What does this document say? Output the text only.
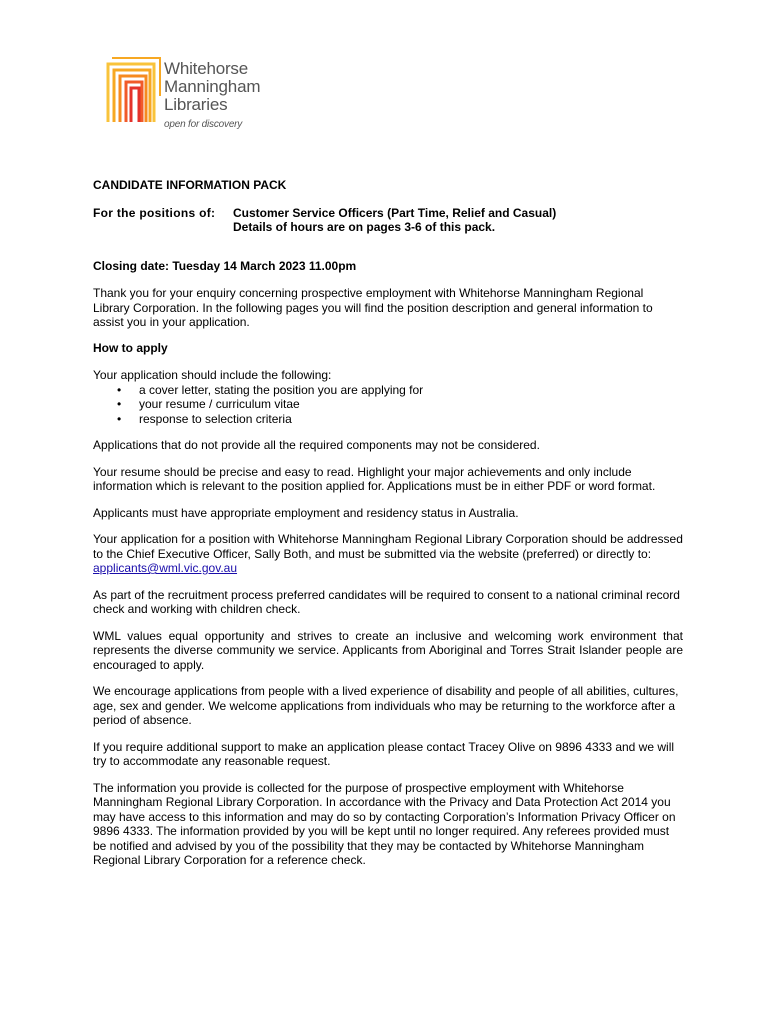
Whitehorse
Manningham
Libraries
open for discovery

CANDIDATE INFORMATION PACK

For the positions of:	Customer Service Officers (Part Time, Relief and Casual)
Details of hours are on pages 3-6 of this pack.

Closing date: Tuesday 14 March 2023 11.00pm

Thank you for your enquiry concerning prospective employment with Whitehorse Manningham Regional Library Corporation. In the following pages you will find the position description and general information to assist you in your application.

How to apply

Your application should include the following:

• a cover letter, stating the position you are applying for
• your resume / curriculum vitae
• response to selection criteria

Applications that do not provide all the required components may not be considered.

Your resume should be precise and easy to read. Highlight your major achievements and only include information which is relevant to the position applied for. Applications must be in either PDF or word format.

Applicants must have appropriate employment and residency status in Australia.

Your application for a position with Whitehorse Manningham Regional Library Corporation should be addressed to the Chief Executive Officer, Sally Both, and must be submitted via the website (preferred) or directly to: applicants@wml.vic.gov.au

As part of the recruitment process preferred candidates will be required to consent to a national criminal record check and working with children check.

WML values equal opportunity and strives to create an inclusive and welcoming work environment that represents the diverse community we service. Applicants from Aboriginal and Torres Strait Islander people are encouraged to apply.

We encourage applications from people with a lived experience of disability and people of all abilities, cultures, age, sex and gender. We welcome applications from individuals who may be returning to the workforce after a period of absence.

If you require additional support to make an application please contact Tracey Olive on 9896 4333 and we will try to accommodate any reasonable request.

The information you provide is collected for the purpose of prospective employment with Whitehorse Manningham Regional Library Corporation. In accordance with the Privacy and Data Protection Act 2014 you may have access to this information and may do so by contacting Corporation’s Information Privacy Officer on 9896 4333. The information provided by you will be kept until no longer required. Any referees provided must be notified and advised by you of the possibility that they may be contacted by Whitehorse Manningham Regional Library Corporation for a reference check.
